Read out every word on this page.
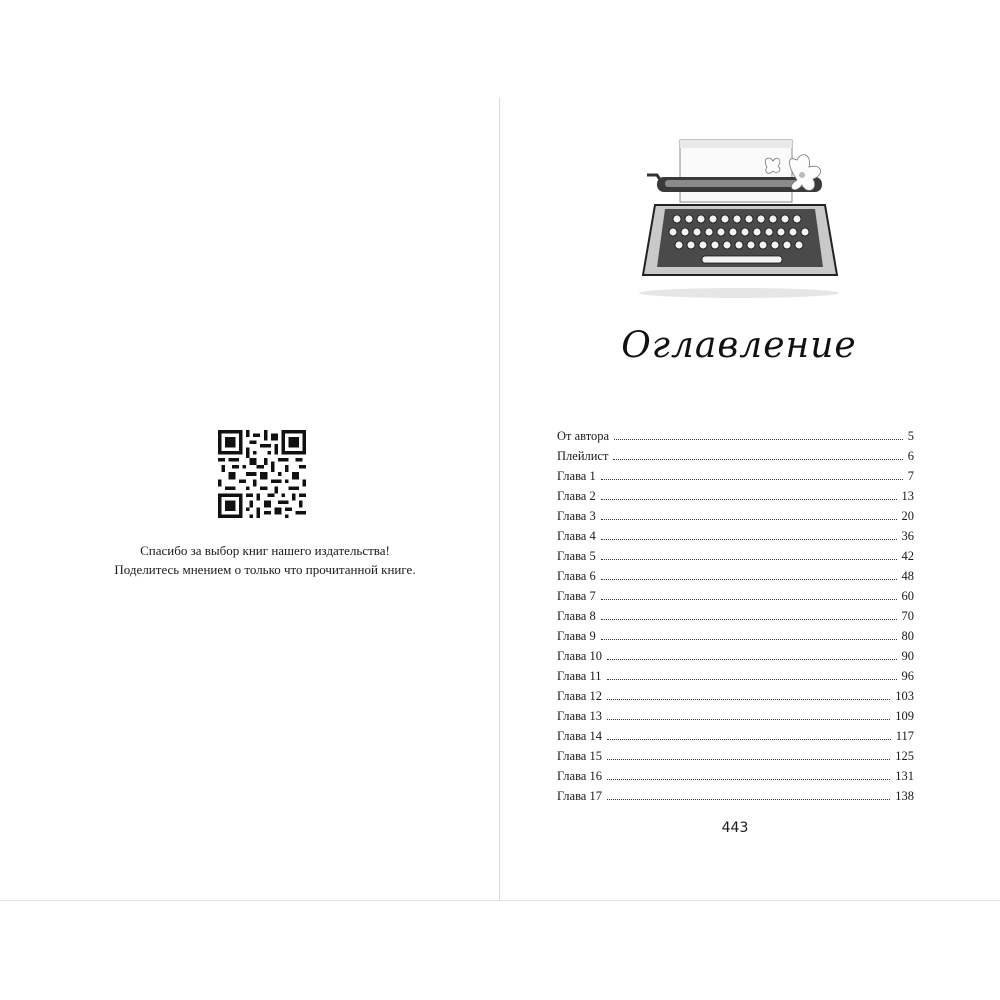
Спасибо за выбор книг нашего издательства!
Поделитесь мнением о только что прочитанной книге.
Оглавление
От автора	5
Плейлист	6
Глава 1	7
Глава 2	13
Глава 3	20
Глава 4	36
Глава 5	42
Глава 6	48
Глава 7	60
Глава 8	70
Глава 9	80
Глава 10	90
Глава 11	96
Глава 12	103
Глава 13	109
Глава 14	117
Глава 15	125
Глава 16	131
Глава 17	138
443
